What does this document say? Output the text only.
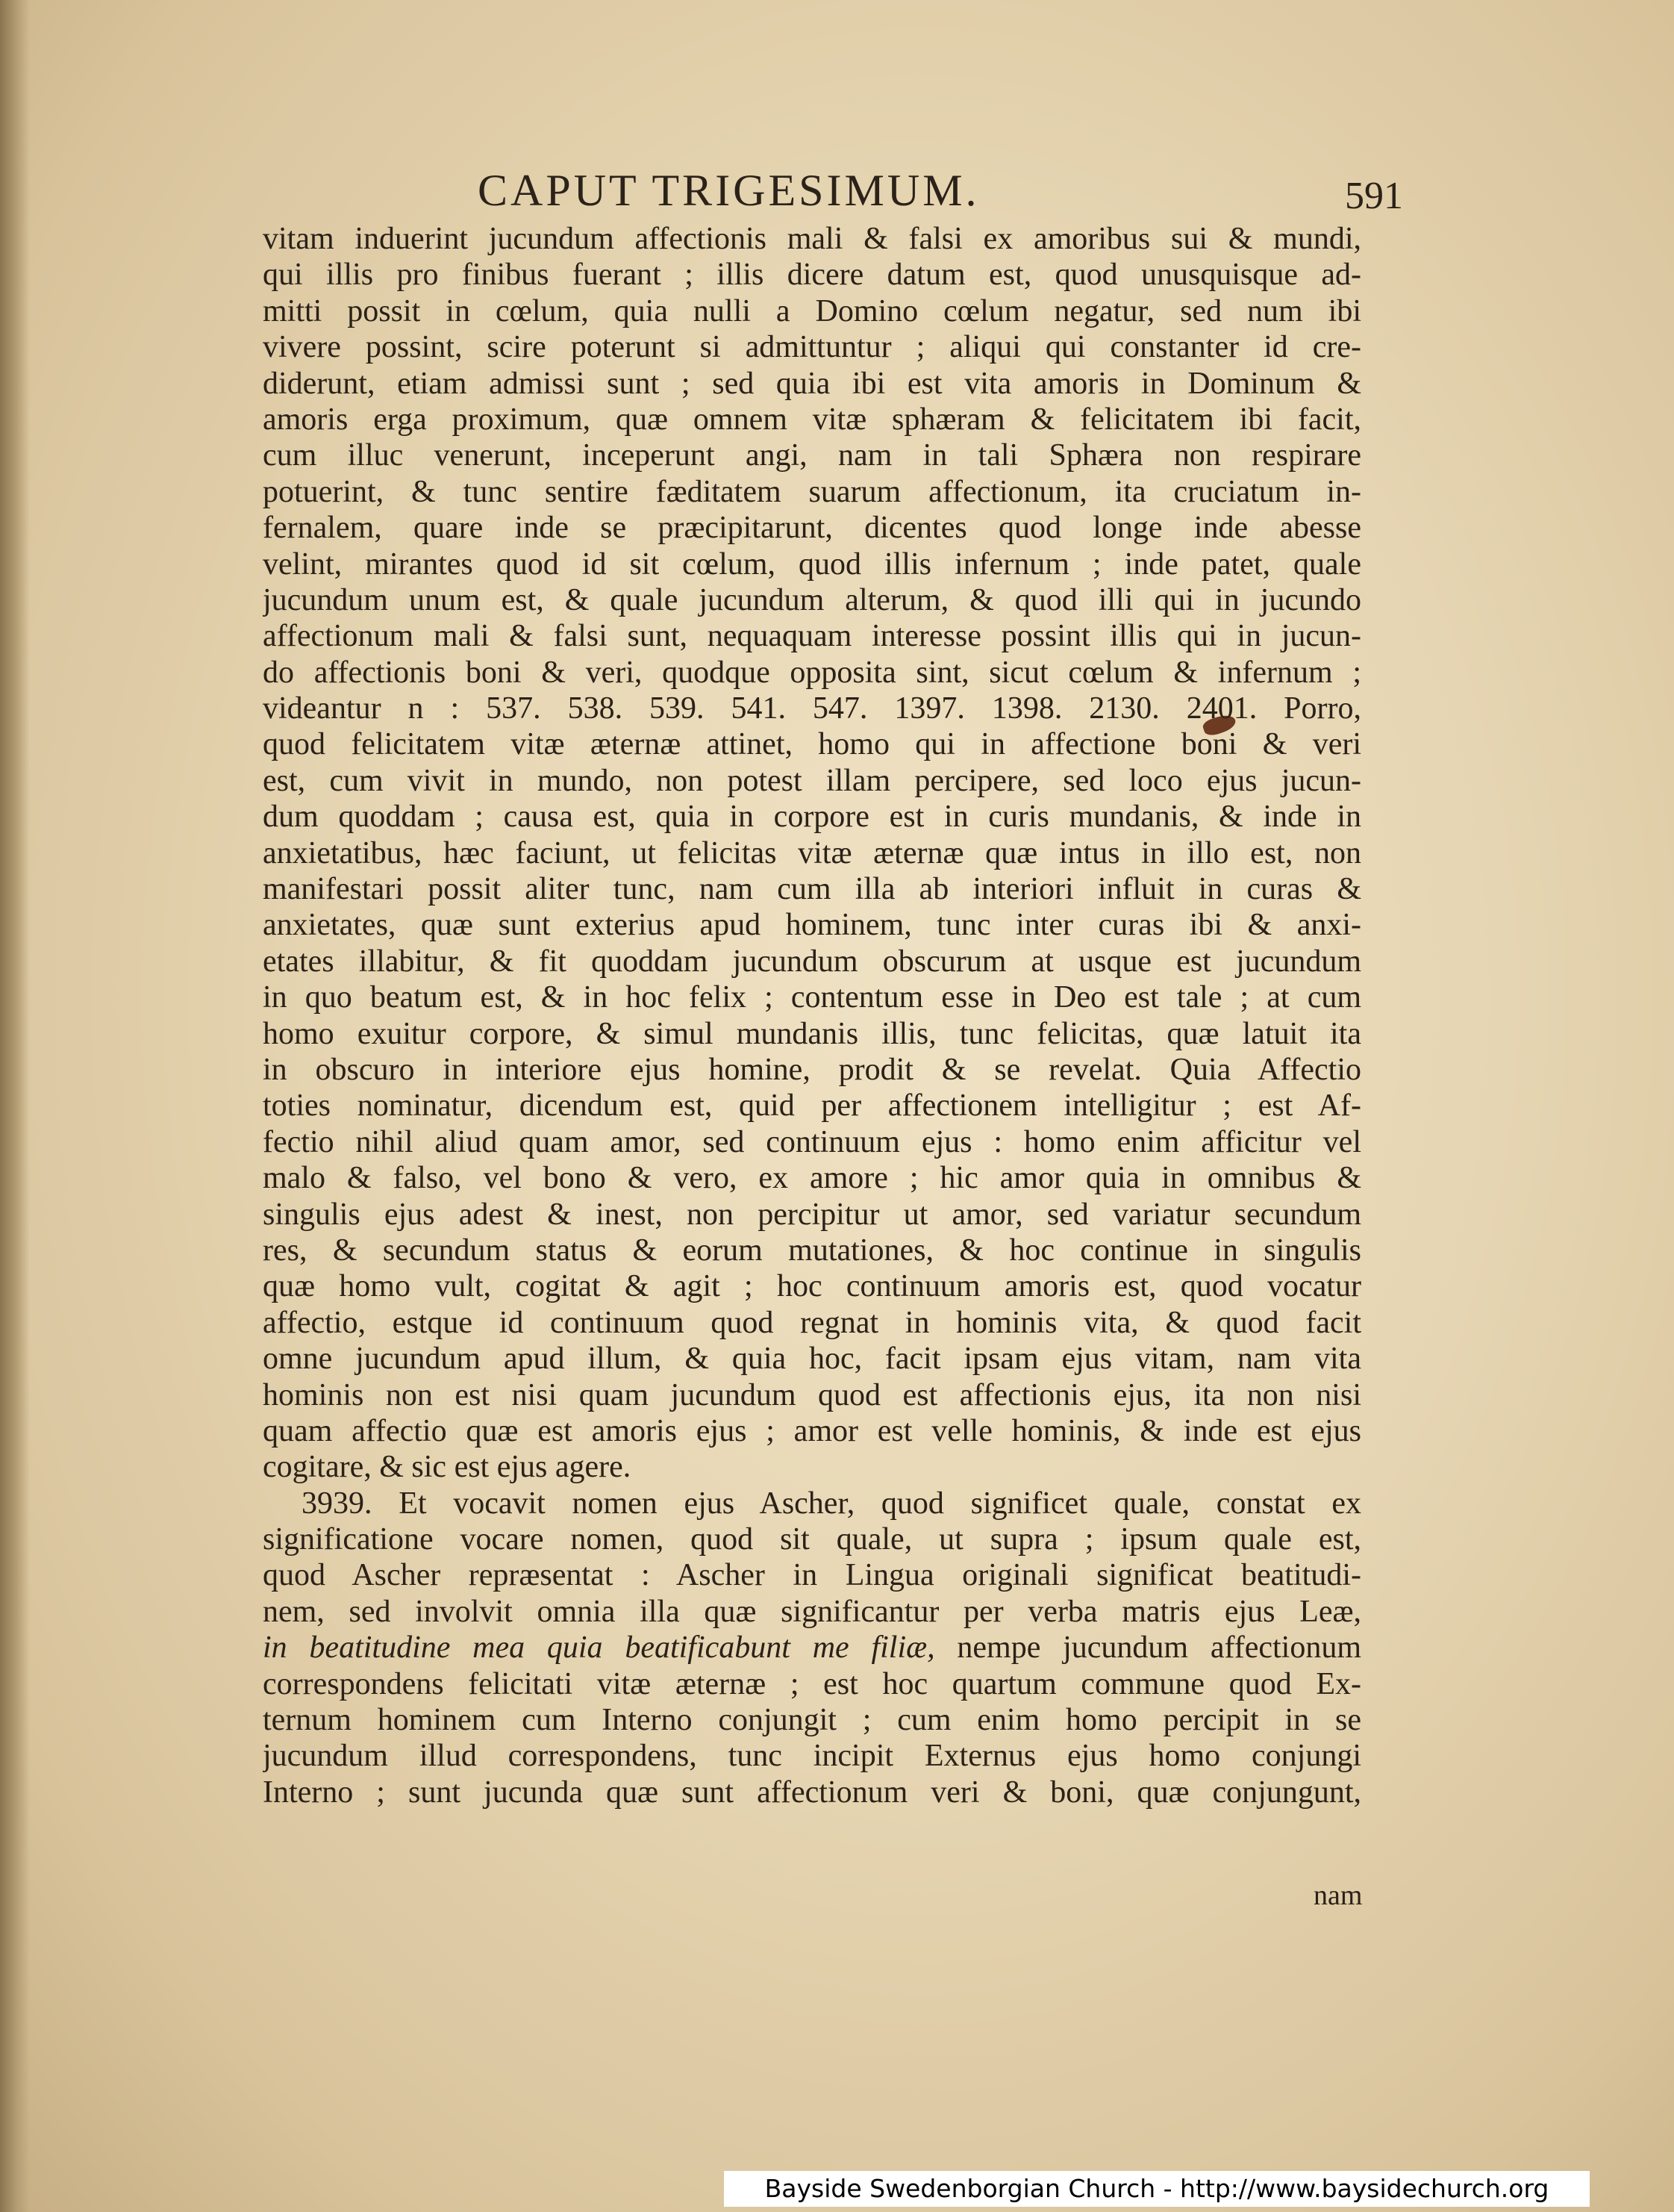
CAPUT TRIGESIMUM.	591
vitam induerint jucundum affectionis mali & falsi ex amoribus sui & mundi,
qui illis pro finibus fuerant ; illis dicere datum est, quod unusquisque ad-
mitti possit in cœlum, quia nulli a Domino cœlum negatur, sed num ibi
vivere possint, scire poterunt si admittuntur ; aliqui qui constanter id cre-
diderunt, etiam admissi sunt ; sed quia ibi est vita amoris in Dominum &
amoris erga proximum, quæ omnem vitæ sphæram & felicitatem ibi facit,
cum illuc venerunt, inceperunt angi, nam in tali Sphæra non respirare
potuerint, & tunc sentire fæditatem suarum affectionum, ita cruciatum in-
fernalem, quare inde se præcipitarunt, dicentes quod longe inde abesse
velint, mirantes quod id sit cœlum, quod illis infernum ; inde patet, quale
jucundum unum est, & quale jucundum alterum, & quod illi qui in jucundo
affectionum mali & falsi sunt, nequaquam interesse possint illis qui in jucun-
do affectionis boni & veri, quodque opposita sint, sicut cœlum & infernum ;
videantur n : 537. 538. 539. 541. 547. 1397. 1398. 2130. 2401. Porro,
quod felicitatem vitæ æternæ attinet, homo qui in affectione boni & veri
est, cum vivit in mundo, non potest illam percipere, sed loco ejus jucun-
dum quoddam ; causa est, quia in corpore est in curis mundanis, & inde in
anxietatibus, hæc faciunt, ut felicitas vitæ æternæ quæ intus in illo est, non
manifestari possit aliter tunc, nam cum illa ab interiori influit in curas &
anxietates, quæ sunt exterius apud hominem, tunc inter curas ibi & anxi-
etates illabitur, & fit quoddam jucundum obscurum at usque est jucundum
in quo beatum est, & in hoc felix ; contentum esse in Deo est tale ; at cum
homo exuitur corpore, & simul mundanis illis, tunc felicitas, quæ latuit ita
in obscuro in interiore ejus homine, prodit & se revelat. Quia Affectio
toties nominatur, dicendum est, quid per affectionem intelligitur ; est Af-
fectio nihil aliud quam amor, sed continuum ejus : homo enim afficitur vel
malo & falso, vel bono & vero, ex amore ; hic amor quia in omnibus &
singulis ejus adest & inest, non percipitur ut amor, sed variatur secundum
res, & secundum status & eorum mutationes, & hoc continue in singulis
quæ homo vult, cogitat & agit ; hoc continuum amoris est, quod vocatur
affectio, estque id continuum quod regnat in hominis vita, & quod facit
omne jucundum apud illum, & quia hoc, facit ipsam ejus vitam, nam vita
hominis non est nisi quam jucundum quod est affectionis ejus, ita non nisi
quam affectio quæ est amoris ejus ; amor est velle hominis, & inde est ejus
cogitare, & sic est ejus agere.
3939. Et vocavit nomen ejus Ascher, quod significet quale, constat ex
significatione vocare nomen, quod sit quale, ut supra ; ipsum quale est,
quod Ascher repræsentat : Ascher in Lingua originali significat beatitudi-
nem, sed involvit omnia illa quæ significantur per verba matris ejus Leæ,
in beatitudine mea quia beatificabunt me filiæ, nempe jucundum affectionum
correspondens felicitati vitæ æternæ ; est hoc quartum commune quod Ex-
ternum hominem cum Interno conjungit ; cum enim homo percipit in se
jucundum illud correspondens, tunc incipit Externus ejus homo conjungi
Interno ; sunt jucunda quæ sunt affectionum veri & boni, quæ conjungunt,
nam
Bayside Swedenborgian Church - http://www.baysidechurch.org
